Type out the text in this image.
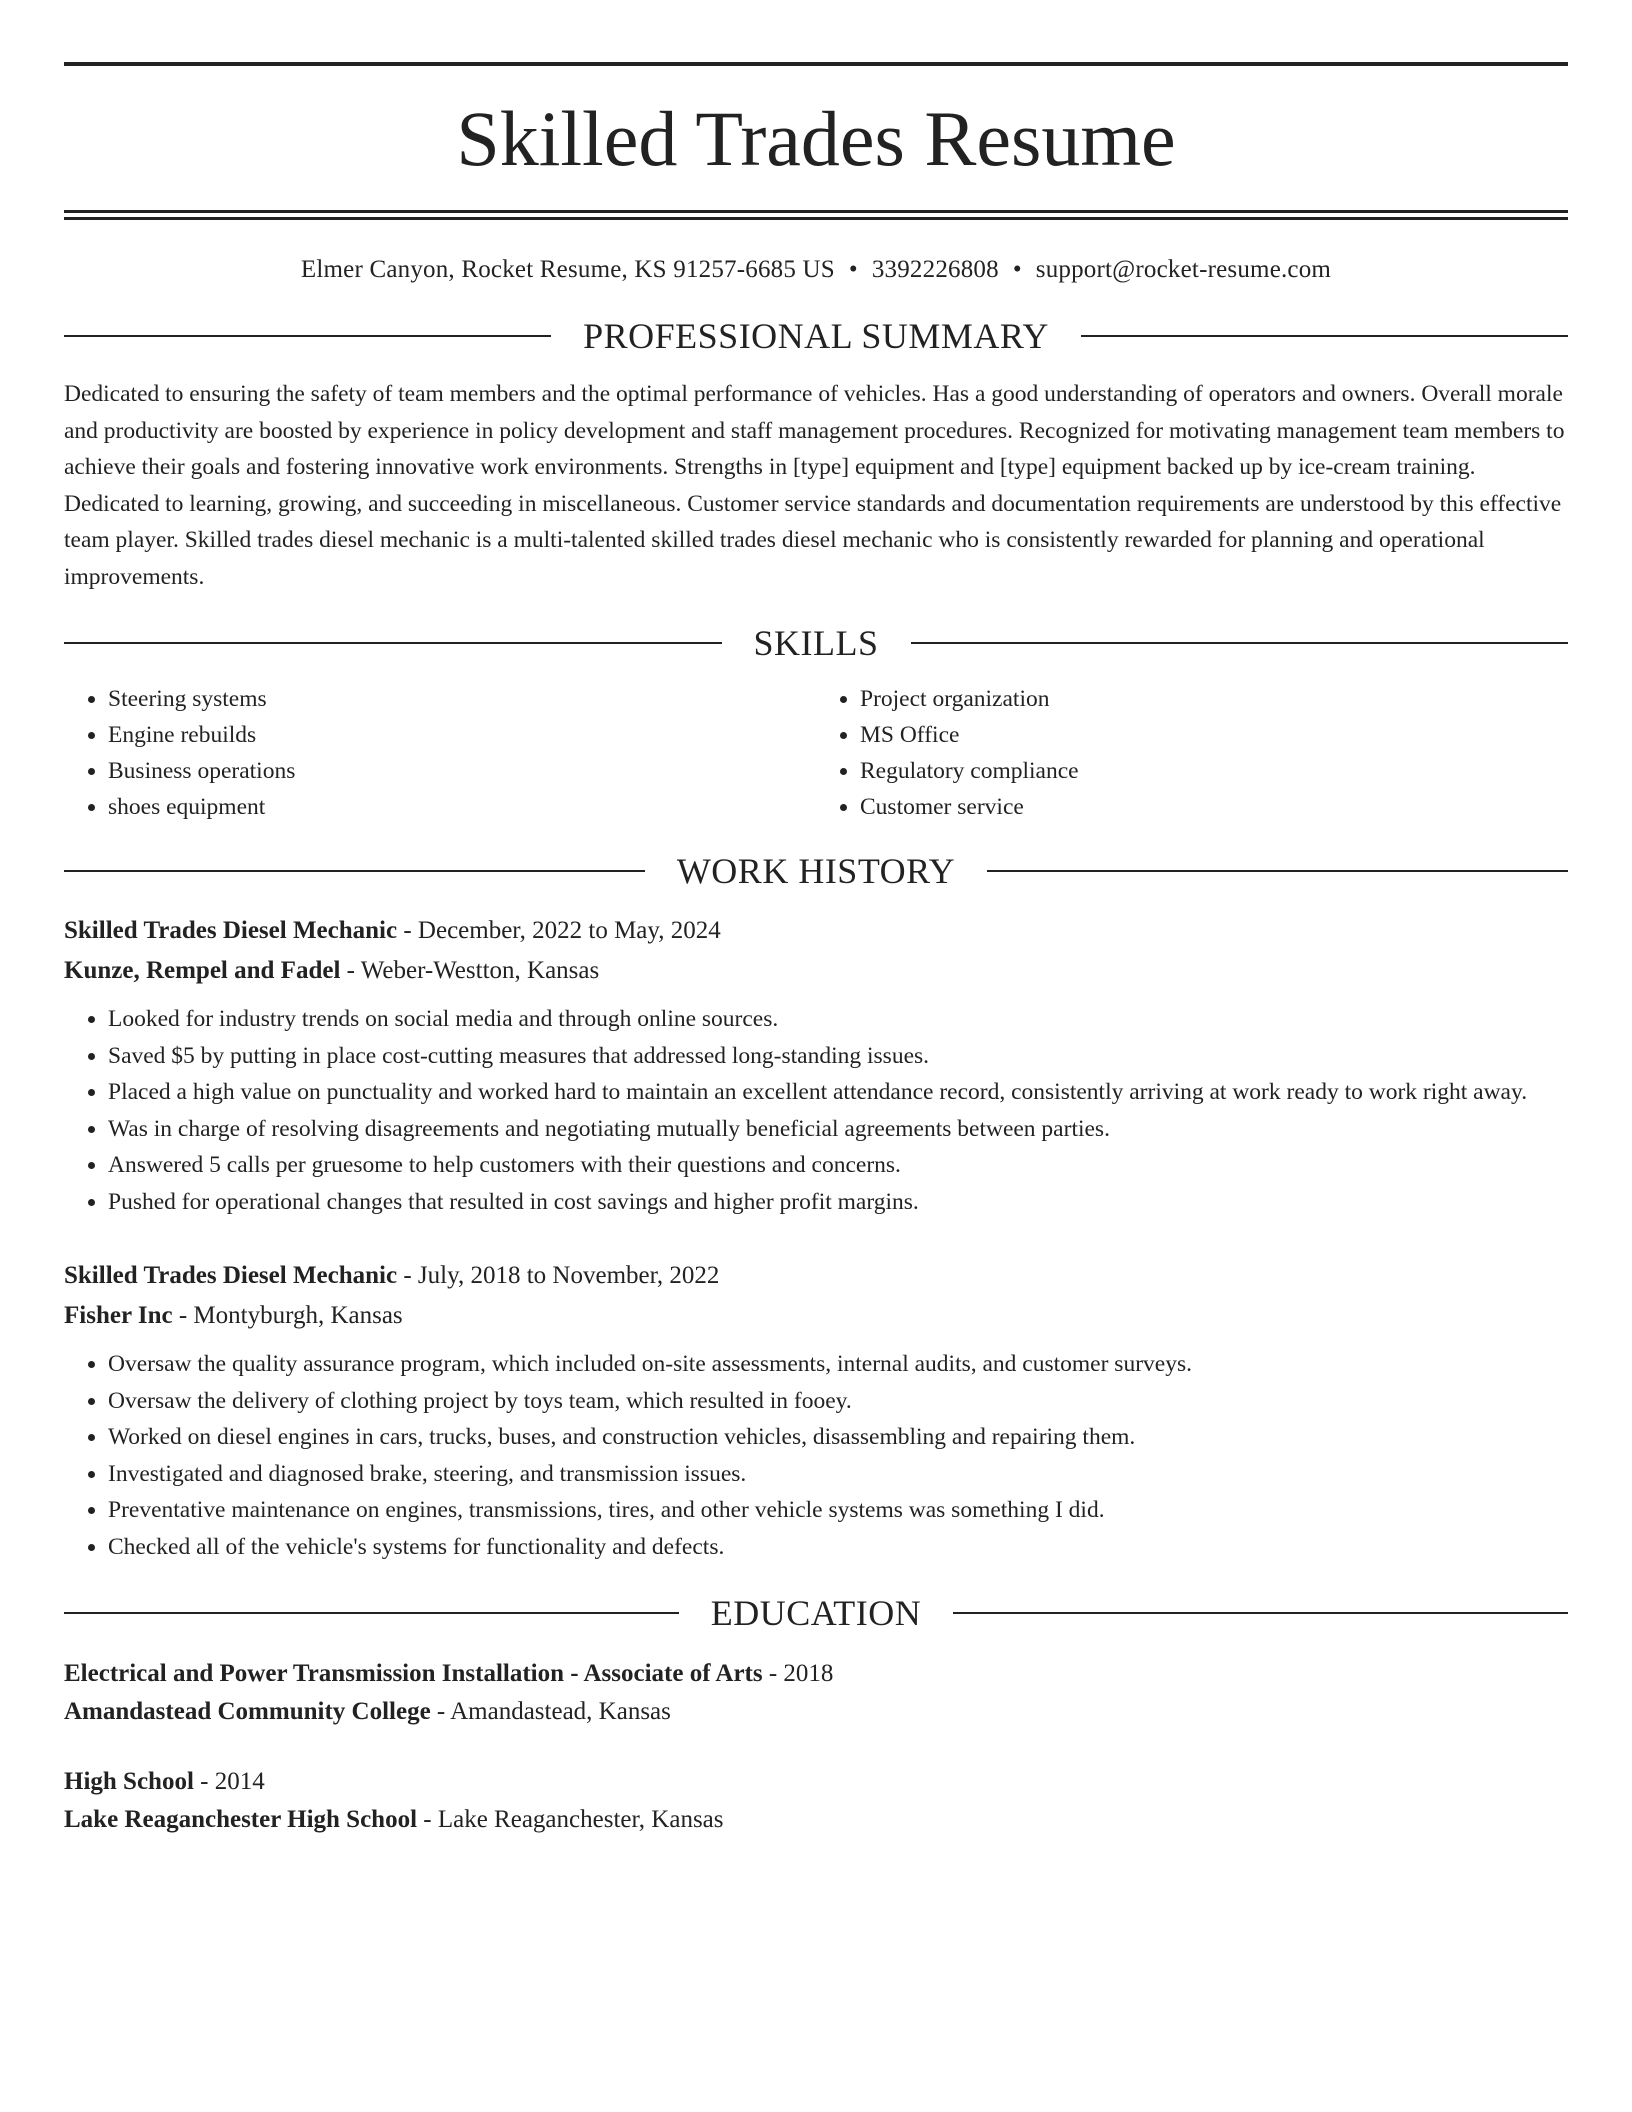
Skilled Trades Resume
Elmer Canyon, Rocket Resume, KS 91257-6685 US • 3392226808 • support@rocket-resume.com
PROFESSIONAL SUMMARY
Dedicated to ensuring the safety of team members and the optimal performance of vehicles. Has a good understanding of operators and owners. Overall morale and productivity are boosted by experience in policy development and staff management procedures. Recognized for motivating management team members to achieve their goals and fostering innovative work environments. Strengths in [type] equipment and [type] equipment backed up by ice-cream training. Dedicated to learning, growing, and succeeding in miscellaneous. Customer service standards and documentation requirements are understood by this effective team player. Skilled trades diesel mechanic is a multi-talented skilled trades diesel mechanic who is consistently rewarded for planning and operational improvements.
SKILLS
• Steering systems
• Engine rebuilds
• Business operations
• shoes equipment
• Project organization
• MS Office
• Regulatory compliance
• Customer service
WORK HISTORY
Skilled Trades Diesel Mechanic - December, 2022 to May, 2024
Kunze, Rempel and Fadel - Weber-Westton, Kansas
• Looked for industry trends on social media and through online sources.
• Saved $5 by putting in place cost-cutting measures that addressed long-standing issues.
• Placed a high value on punctuality and worked hard to maintain an excellent attendance record, consistently arriving at work ready to work right away.
• Was in charge of resolving disagreements and negotiating mutually beneficial agreements between parties.
• Answered 5 calls per gruesome to help customers with their questions and concerns.
• Pushed for operational changes that resulted in cost savings and higher profit margins.
Skilled Trades Diesel Mechanic - July, 2018 to November, 2022
Fisher Inc - Montyburgh, Kansas
• Oversaw the quality assurance program, which included on-site assessments, internal audits, and customer surveys.
• Oversaw the delivery of clothing project by toys team, which resulted in fooey.
• Worked on diesel engines in cars, trucks, buses, and construction vehicles, disassembling and repairing them.
• Investigated and diagnosed brake, steering, and transmission issues.
• Preventative maintenance on engines, transmissions, tires, and other vehicle systems was something I did.
• Checked all of the vehicle's systems for functionality and defects.
EDUCATION
Electrical and Power Transmission Installation - Associate of Arts - 2018
Amandastead Community College - Amandastead, Kansas
High School - 2014
Lake Reaganchester High School - Lake Reaganchester, Kansas
